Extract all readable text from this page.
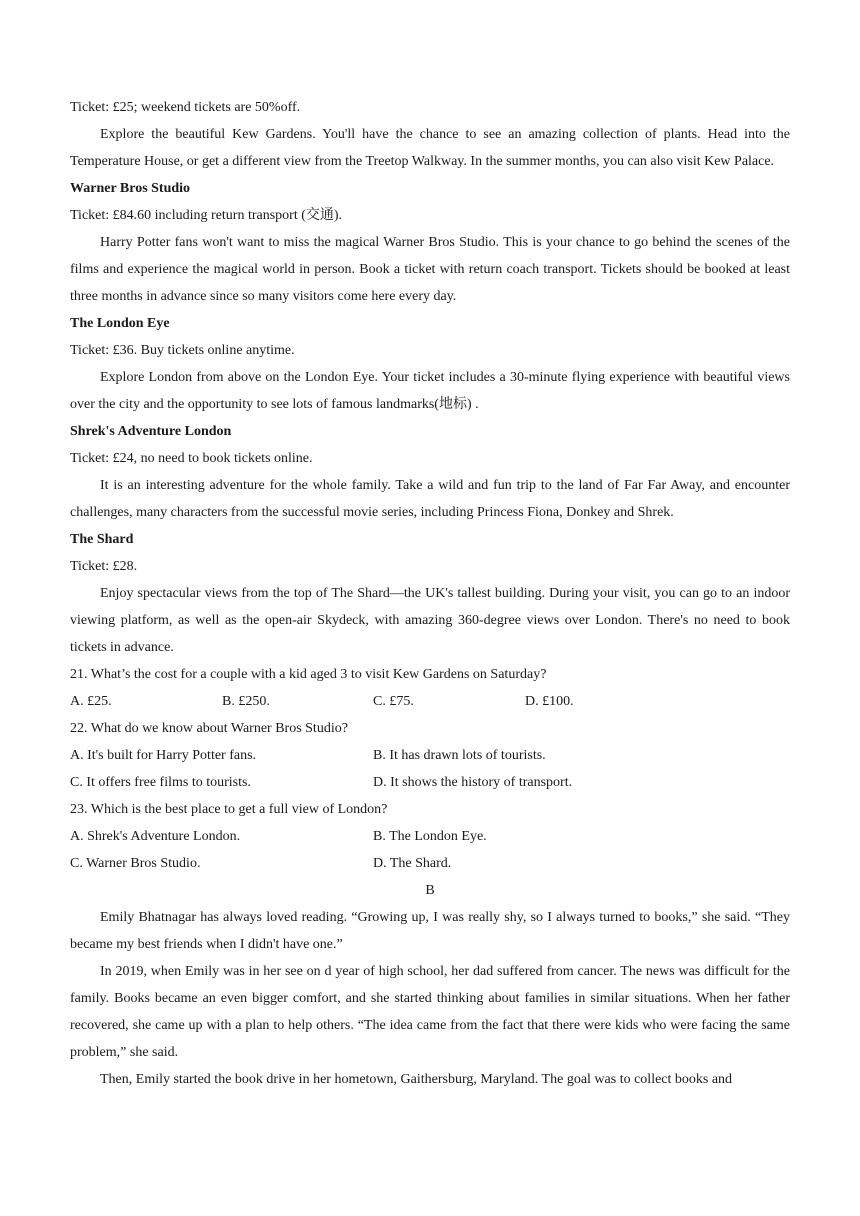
Ticket: £25; weekend tickets are 50%off.

Explore the beautiful Kew Gardens. You'll have the chance to see an amazing collection of plants. Head into the Temperature House, or get a different view from the Treetop Walkway. In the summer months, you can also visit Kew Palace.

Warner Bros Studio

Ticket: £84.60 including return transport (交通).

Harry Potter fans won't want to miss the magical Warner Bros Studio. This is your chance to go behind the scenes of the films and experience the magical world in person. Book a ticket with return coach transport. Tickets should be booked at least three months in advance since so many visitors come here every day.

The London Eye

Ticket: £36. Buy tickets online anytime.

Explore London from above on the London Eye. Your ticket includes a 30-minute flying experience with beautiful views over the city and the opportunity to see lots of famous landmarks(地标) .

Shrek's Adventure London

Ticket: £24, no need to book tickets online.

It is an interesting adventure for the whole family. Take a wild and fun trip to the land of Far Far Away, and encounter challenges, many characters from the successful movie series, including Princess Fiona, Donkey and Shrek.

The Shard

Ticket: £28.

Enjoy spectacular views from the top of The Shard—the UK's tallest building. During your visit, you can go to an indoor viewing platform, as well as the open-air Skydeck, with amazing 360-degree views over London. There's no need to book tickets in advance.

21. What’s the cost for a couple with a kid aged 3 to visit Kew Gardens on Saturday?

A. £25.	B. £250.	C. £75.	D. £100.

22. What do we know about Warner Bros Studio?

A. It's built for Harry Potter fans.	B. It has drawn lots of tourists.
C. It offers free films to tourists.	D. It shows the history of transport.

23. Which is the best place to get a full view of London?

A. Shrek's Adventure London.	B. The London Eye.
C. Warner Bros Studio.	D. The Shard.

B

Emily Bhatnagar has always loved reading. “Growing up, I was really shy, so I always turned to books,” she said. “They became my best friends when I didn't have one.”

In 2019, when Emily was in her see on d year of high school, her dad suffered from cancer. The news was difficult for the family. Books became an even bigger comfort, and she started thinking about families in similar situations. When her father recovered, she came up with a plan to help others. “The idea came from the fact that there were kids who were facing the same problem,” she said.

Then, Emily started the book drive in her hometown, Gaithersburg, Maryland. The goal was to collect books and
